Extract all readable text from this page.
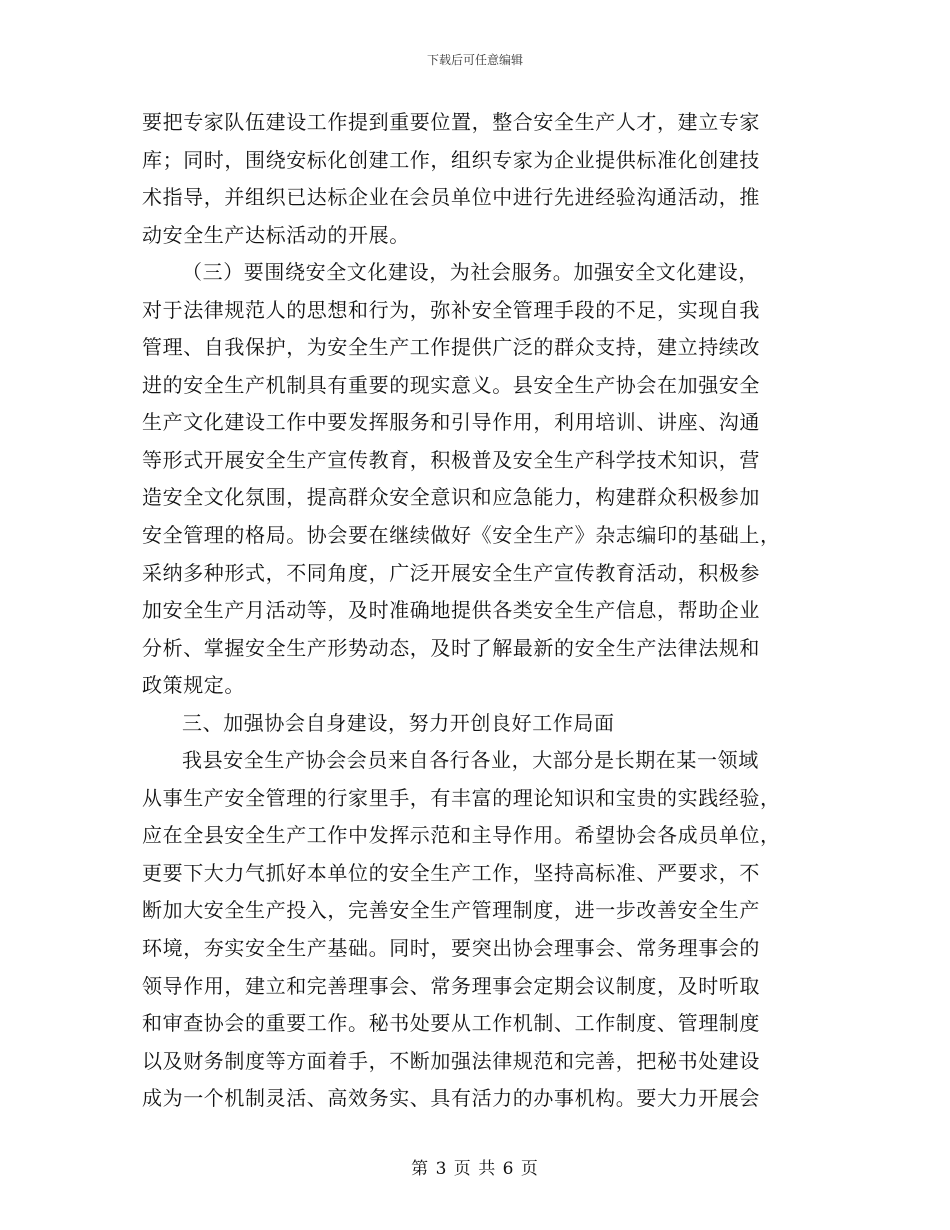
下载后可任意编辑
要把专家队伍建设工作提到重要位置，整合安全生产人才，建立专家
库；同时，围绕安标化创建工作，组织专家为企业提供标准化创建技
术指导，并组织已达标企业在会员单位中进行先进经验沟通活动，推
动安全生产达标活动的开展。
（三）要围绕安全文化建设，为社会服务。加强安全文化建设，
对于法律规范人的思想和行为，弥补安全管理手段的不足，实现自我
管理、自我保护，为安全生产工作提供广泛的群众支持，建立持续改
进的安全生产机制具有重要的现实意义。县安全生产协会在加强安全
生产文化建设工作中要发挥服务和引导作用，利用培训、讲座、沟通
等形式开展安全生产宣传教育，积极普及安全生产科学技术知识，营
造安全文化氛围，提高群众安全意识和应急能力，构建群众积极参加
安全管理的格局。协会要在继续做好《安全生产》杂志编印的基础上，
采纳多种形式，不同角度，广泛开展安全生产宣传教育活动，积极参
加安全生产月活动等，及时准确地提供各类安全生产信息，帮助企业
分析、掌握安全生产形势动态，及时了解最新的安全生产法律法规和
政策规定。
三、加强协会自身建设，努力开创良好工作局面
我县安全生产协会会员来自各行各业，大部分是长期在某一领域
从事生产安全管理的行家里手，有丰富的理论知识和宝贵的实践经验，
应在全县安全生产工作中发挥示范和主导作用。希望协会各成员单位，
更要下大力气抓好本单位的安全生产工作，坚持高标准、严要求，不
断加大安全生产投入，完善安全生产管理制度，进一步改善安全生产
环境，夯实安全生产基础。同时，要突出协会理事会、常务理事会的
领导作用，建立和完善理事会、常务理事会定期会议制度，及时听取
和审查协会的重要工作。秘书处要从工作机制、工作制度、管理制度
以及财务制度等方面着手，不断加强法律规范和完善，把秘书处建设
成为一个机制灵活、高效务实、具有活力的办事机构。要大力开展会
第 3 页 共 6 页
